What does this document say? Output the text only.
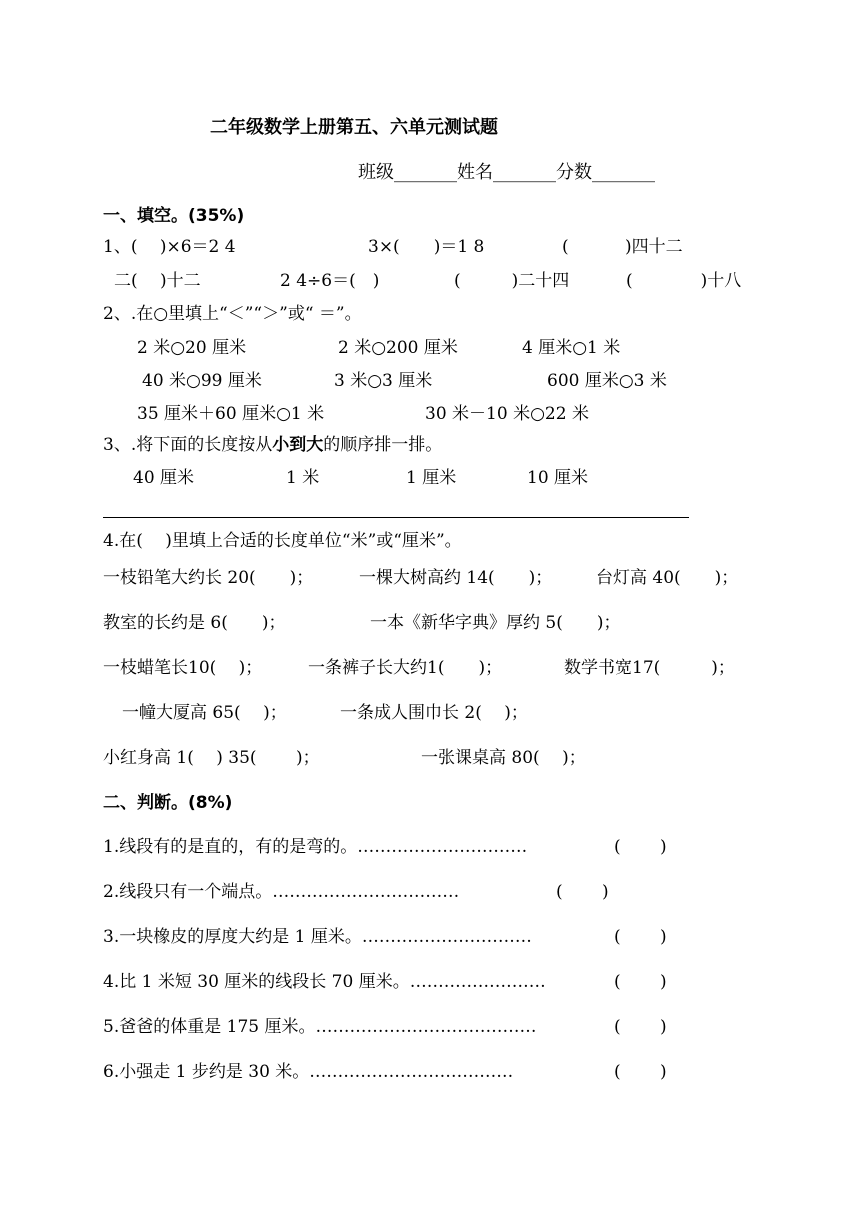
二年级数学上册第五、六单元测试题
班级_______姓名_______分数_______
一、填空。(35%)
1、(　 )×6＝2 4	3×(　　)＝1 8	(　　　 )四十二
二(　 )十二	2 4÷6＝(　)	(　　　)二十四	(　　　　)十八
2、.在○里填上“＜”“＞”或“ ＝”。
2 米○20 厘米	2 米○200 厘米	4 厘米○1 米
40 米○99 厘米	3 米○3 厘米	600 厘米○3 米
35 厘米＋60 厘米○1 米	30 米－10 米○22 米
3、.将下面的长度按从小到大的顺序排一排。
40 厘米	1 米	1 厘米	10 厘米
4.在(　 )里填上合适的长度单位“米”或“厘米”。
一枝铅笔大约长 20(　　)；	一棵大树高约 14(　　)；	台灯高 40(　　)；
教室的长约是 6(　　)；	一本《新华字典》厚约 5(　　)；
一枝蜡笔长10(　 )；	一条裤子长大约1(　　)；	数学书宽17(　　　)；
一幢大厦高 65(　 )；	一条成人围巾长 2(　 )；
小红身高 1(　 ) 35(　　 )；	一张课桌高 80(　 )；
二、判断。(8%)
1.线段有的是直的，有的是弯的。…………………………	(　　 )
2.线段只有一个端点。……………………………	(　　 )
3.一块橡皮的厚度大约是 1 厘米。…………………………	(　　 )
4.比 1 米短 30 厘米的线段长 70 厘米。……………………	(　　 )
5.爸爸的体重是 175 厘米。…………………………………	(　　 )
6.小强走 1 步约是 30 米。………………………………	(　　 )
